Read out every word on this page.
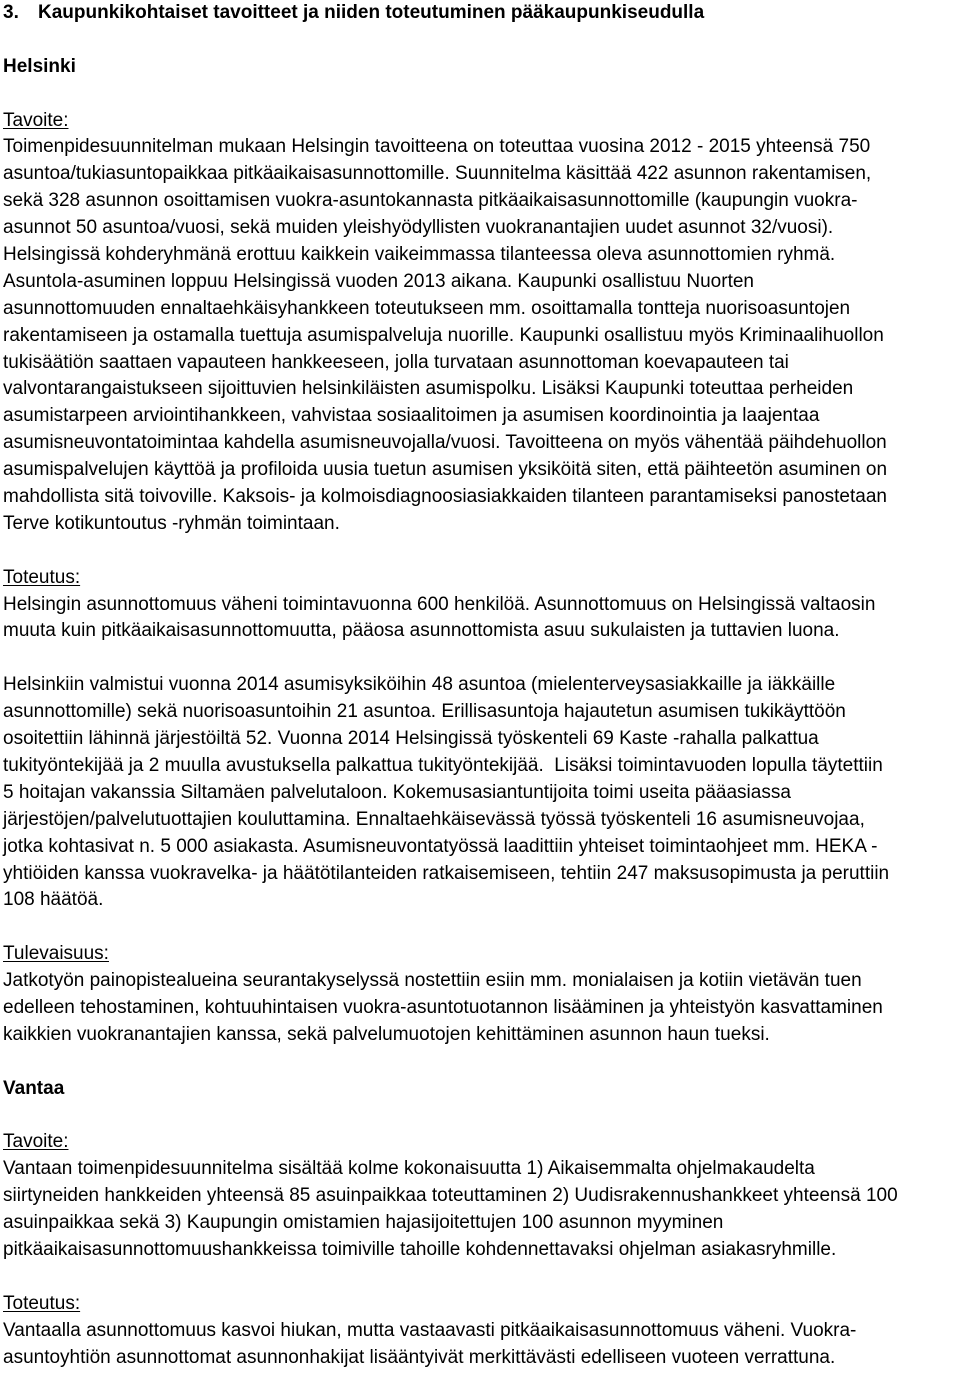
3.	Kaupunkikohtaiset tavoitteet ja niiden toteutuminen pääkaupunkiseudulla
Helsinki
Tavoite:
Toimenpidesuunnitelman mukaan Helsingin tavoitteena on toteuttaa vuosina 2012 - 2015 yhteensä 750
asuntoa/tukiasuntopaikkaa pitkäaikaisasunnottomille. Suunnitelma käsittää 422 asunnon rakentamisen,
sekä 328 asunnon osoittamisen vuokra-asuntokannasta pitkäaikaisasunnottomille (kaupungin vuokra-
asunnot 50 asuntoa/vuosi, sekä muiden yleishyödyllisten vuokranantajien uudet asunnot 32/vuosi).
Helsingissä kohderyhmänä erottuu kaikkein vaikeimmassa tilanteessa oleva asunnottomien ryhmä.
Asuntola-asuminen loppuu Helsingissä vuoden 2013 aikana. Kaupunki osallistuu Nuorten
asunnottomuuden ennaltaehkäisyhankkeen toteutukseen mm. osoittamalla tontteja nuorisoasuntojen
rakentamiseen ja ostamalla tuettuja asumispalveluja nuorille. Kaupunki osallistuu myös Kriminaalihuollon
tukisäätiön saattaen vapauteen hankkeeseen, jolla turvataan asunnottoman koevapauteen tai
valvontarangaistukseen sijoittuvien helsinkiläisten asumispolku. Lisäksi Kaupunki toteuttaa perheiden
asumistarpeen arviointihankkeen, vahvistaa sosiaalitoimen ja asumisen koordinointia ja laajentaa
asumisneuvontatoimintaa kahdella asumisneuvojalla/vuosi. Tavoitteena on myös vähentää päihdehuollon
asumispalvelujen käyttöä ja profiloida uusia tuetun asumisen yksiköitä siten, että päihteetön asuminen on
mahdollista sitä toivoville. Kaksois- ja kolmoisdiagnoosiasiakkaiden tilanteen parantamiseksi panostetaan
Terve kotikuntoutus -ryhmän toimintaan.
Toteutus:
Helsingin asunnottomuus väheni toimintavuonna 600 henkilöä. Asunnottomuus on Helsingissä valtaosin
muuta kuin pitkäaikaisasunnottomuutta, pääosa asunnottomista asuu sukulaisten ja tuttavien luona.
Helsinkiin valmistui vuonna 2014 asumisyksiköihin 48 asuntoa (mielenterveysasiakkaille ja iäkkäille
asunnottomille) sekä nuorisoasuntoihin 21 asuntoa. Erillisasuntoja hajautetun asumisen tukikäyttöön
osoitettiin lähinnä järjestöiltä 52. Vuonna 2014 Helsingissä työskenteli 69 Kaste -rahalla palkattua
tukityöntekijää ja 2 muulla avustuksella palkattua tukityöntekijää.  Lisäksi toimintavuoden lopulla täytettiin
5 hoitajan vakanssia Siltamäen palvelutaloon. Kokemusasiantuntijoita toimi useita pääasiassa
järjestöjen/palvelutuottajien kouluttamina. Ennaltaehkäisevässä työssä työskenteli 16 asumisneuvojaa,
jotka kohtasivat n. 5 000 asiakasta. Asumisneuvontatyössä laadittiin yhteiset toimintaohjeet mm. HEKA -
yhtiöiden kanssa vuokravelka- ja häätötilanteiden ratkaisemiseen, tehtiin 247 maksusopimusta ja peruttiin
108 häätöä.
Tulevaisuus:
Jatkotyön painopistealueina seurantakyselyssä nostettiin esiin mm. monialaisen ja kotiin vietävän tuen
edelleen tehostaminen, kohtuuhintaisen vuokra-asuntotuotannon lisääminen ja yhteistyön kasvattaminen
kaikkien vuokranantajien kanssa, sekä palvelumuotojen kehittäminen asunnon haun tueksi.
Vantaa
Tavoite:
Vantaan toimenpidesuunnitelma sisältää kolme kokonaisuutta 1) Aikaisemmalta ohjelmakaudelta
siirtyneiden hankkeiden yhteensä 85 asuinpaikkaa toteuttaminen 2) Uudisrakennushankkeet yhteensä 100
asuinpaikkaa sekä 3) Kaupungin omistamien hajasijoitettujen 100 asunnon myyminen
pitkäaikaisasunnottomuushankkeissa toimiville tahoille kohdennettavaksi ohjelman asiakasryhmille.
Toteutus:
Vantaalla asunnottomuus kasvoi hiukan, mutta vastaavasti pitkäaikaisasunnottomuus väheni. Vuokra-
asuntoyhtiön asunnottomat asunnonhakijat lisääntyivät merkittävästi edelliseen vuoteen verrattuna.
